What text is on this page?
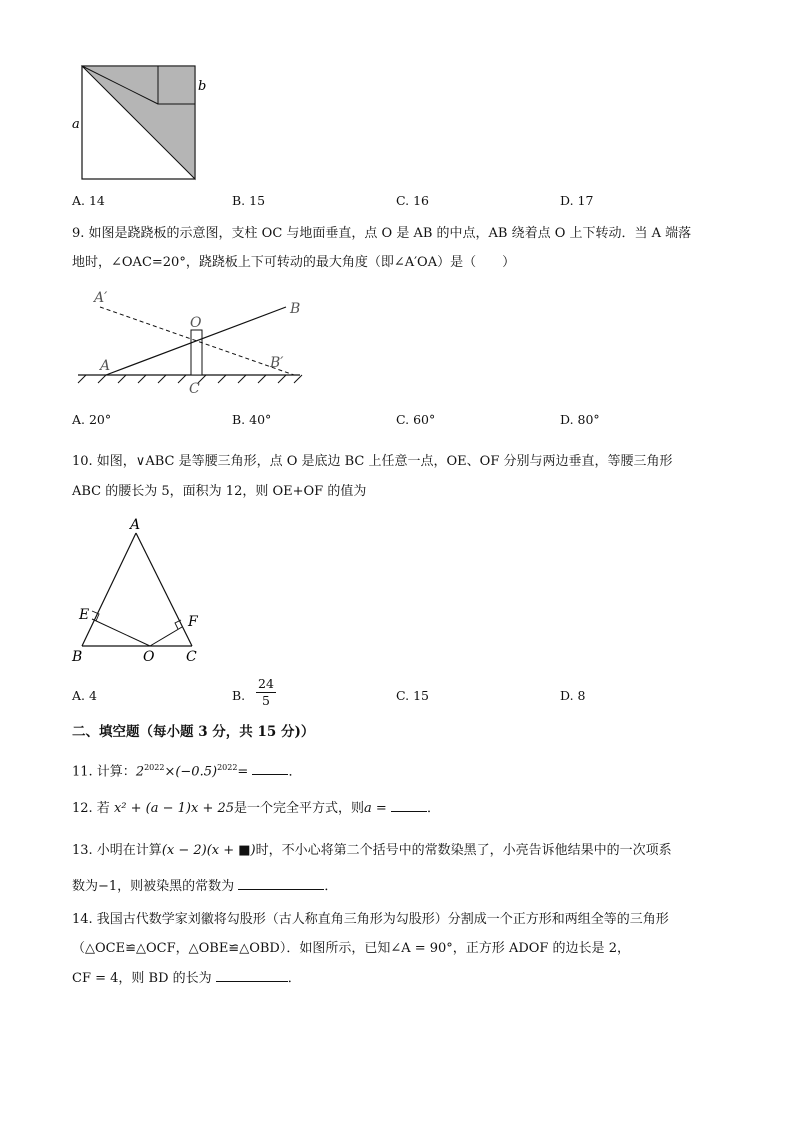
a
b
A. 14	B. 15	C. 16	D. 17
9. 如图是跷跷板的示意图，支柱 OC 与地面垂直，点 O 是 AB 的中点，AB 绕着点 O 上下转动．当 A 端落
地时，∠OAC=20°，跷跷板上下可转动的最大角度（即∠A′OA）是（　　）
A′
B
O
A	B′
C
A. 20°	B. 40°	C. 60°	D. 80°
10. 如图，∨ABC 是等腰三角形，点 O 是底边 BC 上任意一点，OE、OF 分别与两边垂直，等腰三角形
ABC 的腰长为 5，面积为 12，则 OE+OF 的值为
A
E	F
B	O C
A. 4	B. $\frac{24}{5}$	C. 15	D. 8
二、填空题（每小题 3 分，共 15 分)）
11. 计算：$2^{2022}\times(-0.5)^{2022}=$	．
12. 若 x² + (a − 1)x + 25是一个完全平方式，则a =	．
13. 小明在计算(x − 2)(x + ■)时，不小心将第二个括号中的常数染黑了，小亮告诉他结果中的一次项系
数为−1，则被染黑的常数为	．
14. 我国古代数学家刘徽将勾股形（古人称直角三角形为勾股形）分割成一个正方形和两组全等的三角形
（△OCE≌△OCF，△OBE≌△OBD）．如图所示，已知∠A = 90°，正方形 ADOF 的边长是 2，
CF = 4，则 BD 的长为	．
